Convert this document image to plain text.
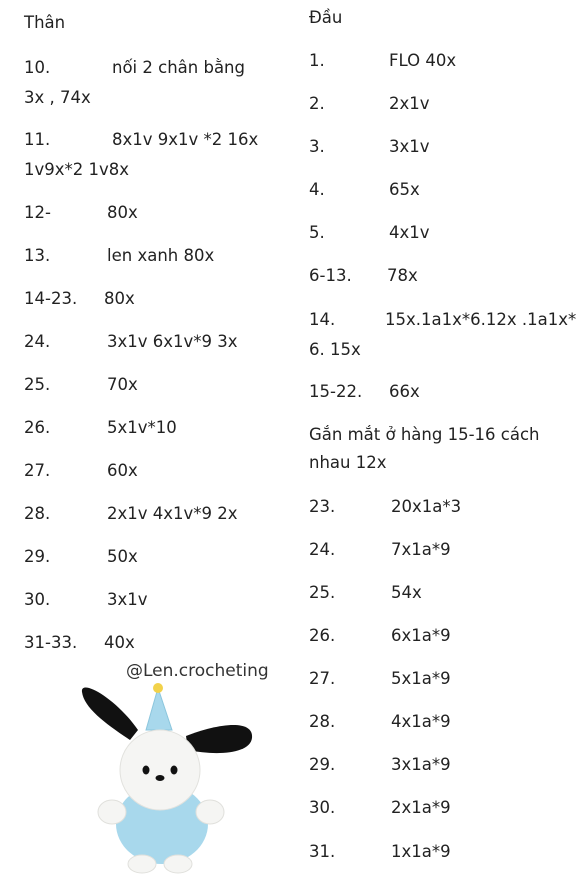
Thân
10.	nối 2 chân bằng
3x , 74x
11.	8x1v 9x1v *2 16x
1v9x*2 1v8x
12-	80x
13.	len xanh 80x
14-23. 80x
24.	3x1v 6x1v*9 3x
25.	70x
26.	5x1v*10
27.	60x
28.	2x1v 4x1v*9 2x
29.	50x
30.	3x1v
31-33. 40x
@Len.crocheting
Đầu
1.	FLO 40x
2.	2x1v
3.	3x1v
4.	65x
5.	4x1v
6-13. 78x
14.	15x.1a1x*6.12x .1a1x*
6. 15x
15-22. 66x
Gắn mắt ở hàng 15-16 cách nhau 12x
23.	20x1a*3
24.	7x1a*9
25.	54x
26.	6x1a*9
27.	5x1a*9
28.	4x1a*9
29.	3x1a*9
30.	2x1a*9
31.	1x1a*9
